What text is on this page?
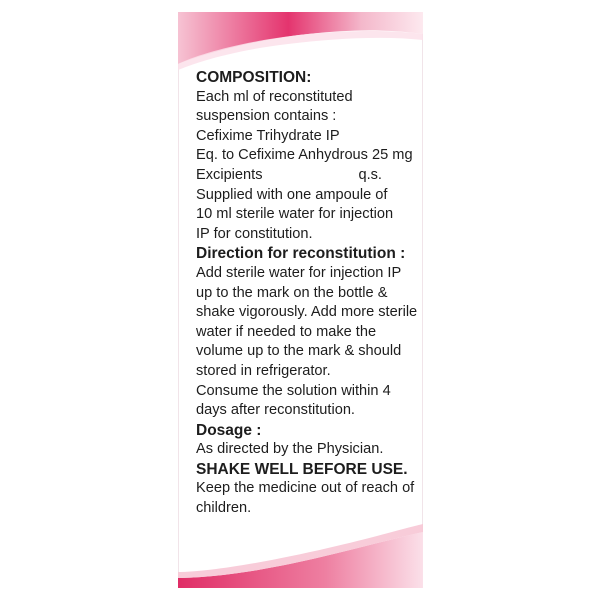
COMPOSITION:
Each ml of reconstituted
suspension contains :
Cefixime Trihydrate IP
Eq. to Cefixime Anhydrous 25 mg
Excipients	q.s.
Supplied with one ampoule of
10 ml sterile water for injection
IP for constitution.
Direction for reconstitution :
Add sterile water for injection IP
up to the mark on the bottle &
shake vigorously. Add more sterile
water if needed to make the
volume up to the mark & should
stored in refrigerator.
Consume the solution within 4
days after reconstitution.
Dosage :
As directed by the Physician.
SHAKE WELL BEFORE USE.
Keep the medicine out of reach of
children.
